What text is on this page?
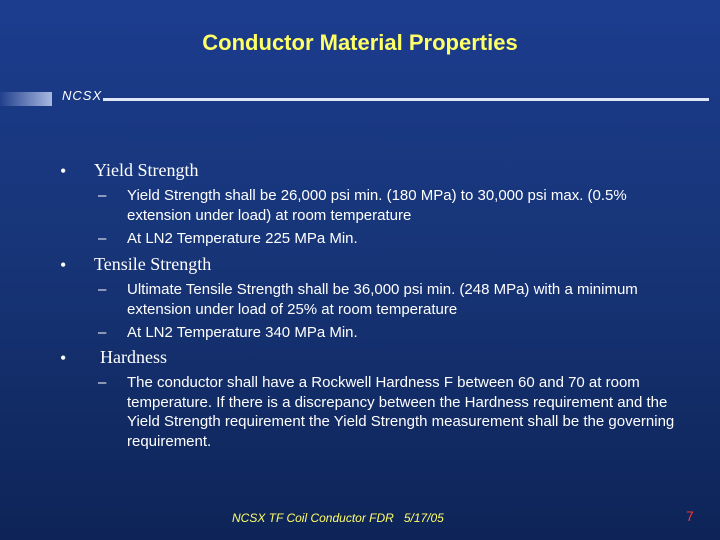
Conductor Material Properties
NCSX
• Yield Strength
– Yield Strength shall be 26,000 psi min. (180 MPa) to 30,000 psi max. (0.5% extension under load) at room temperature
– At LN2 Temperature 225 MPa Min.
• Tensile Strength
– Ultimate Tensile Strength shall be 36,000 psi min. (248 MPa) with a minimum extension under load of 25% at room temperature
– At LN2 Temperature 340 MPa Min.
• Hardness
– The conductor shall have a Rockwell Hardness F between 60 and 70 at room temperature. If there is a discrepancy between the Hardness requirement and the Yield Strength requirement the Yield Strength measurement shall be the governing requirement.
NCSX TF Coil Conductor FDR   5/17/05	7
